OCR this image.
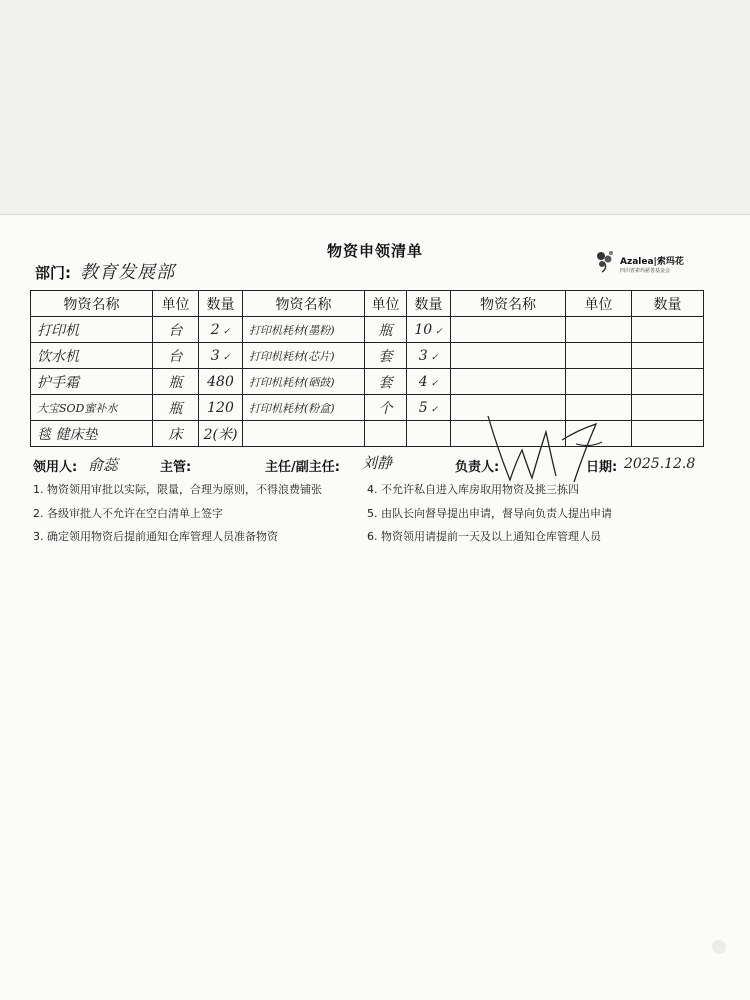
物资申领清单
Azalea|索玛花
四川省索玛慈善基金会
部门: 教育发展部
物资名称	单位	数量	物资名称	单位	数量	物资名称	单位	数量
打印机	台	2 ✓	打印机耗材(墨粉)	瓶	10 ✓			
饮水机	台	3 ✓	打印机耗材(芯片)	套	3 ✓			
护手霜	瓶	480	打印机耗材(硒鼓)	套	4 ✓			
大宝SOD蜜补水	瓶	120	打印机耗材(粉盒)	个	5 ✓			
毯 健床垫	床	2(米)						
领用人: 俞蕊	主管:	主任/副主任: 刘静	负责人:	日期: 2025.12.8
1. 物资领用审批以实际，限量，合理为原则，不得浪费铺张
2. 各级审批人不允许在空白清单上签字
3. 确定领用物资后提前通知仓库管理人员准备物资
4. 不允许私自进入库房取用物资及挑三拣四
5. 由队长向督导提出申请，督导向负责人提出申请
6. 物资领用请提前一天及以上通知仓库管理人员
